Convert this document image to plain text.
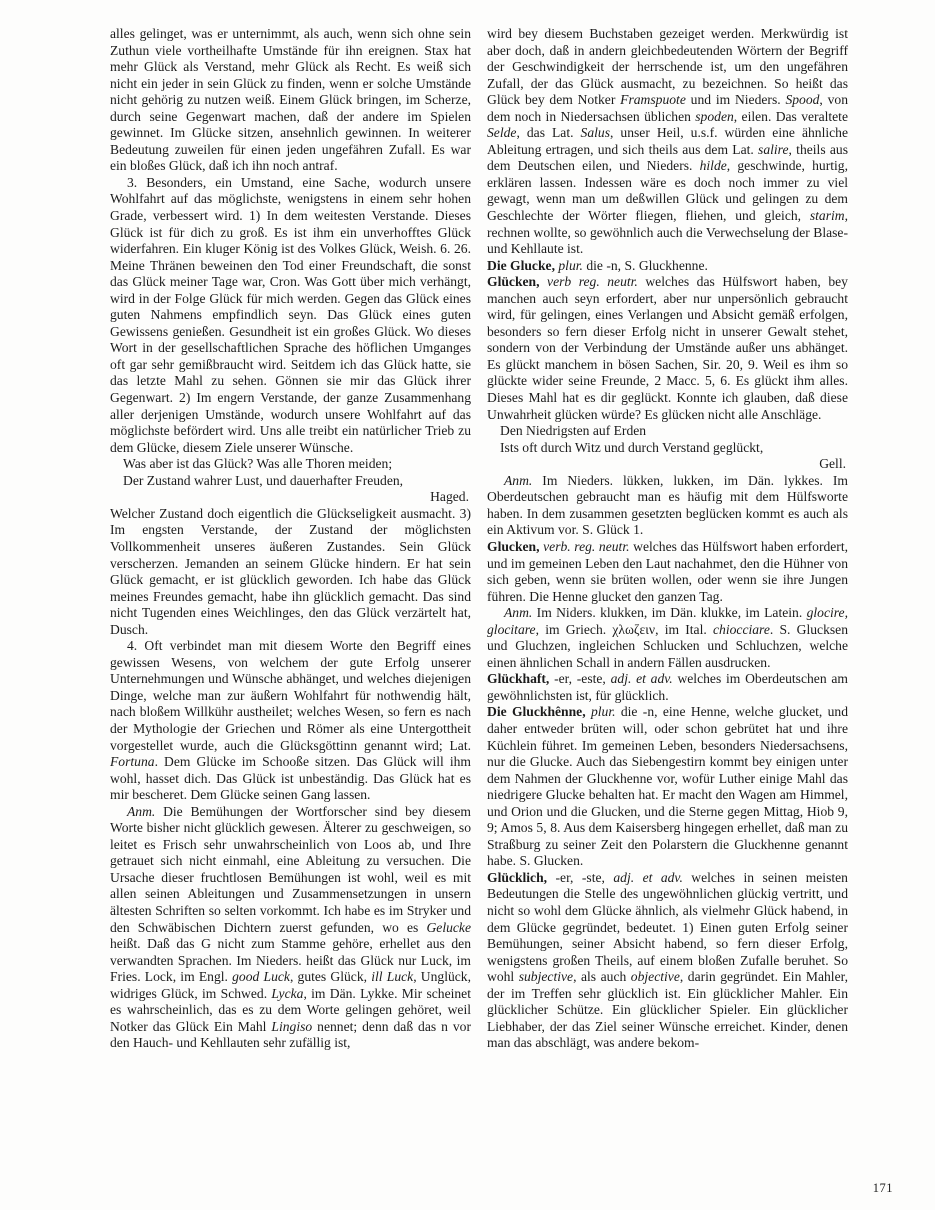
alles gelinget, was er unternimmt, als auch, wenn sich ohne sein Zuthun viele vortheilhafte Umstände für ihn ereignen. Stax hat mehr Glück als Verstand, mehr Glück als Recht. Es weiß sich nicht ein jeder in sein Glück zu finden, wenn er solche Umstände nicht gehörig zu nutzen weiß. Einem Glück bringen, im Scherze, durch seine Gegenwart machen, daß der andere im Spielen gewinnet. Im Glücke sitzen, ansehnlich gewinnen. In weiterer Bedeutung zuweilen für einen jeden ungefähren Zufall. Es war ein bloßes Glück, daß ich ihn noch antraf.

3. Besonders, ein Umstand, eine Sache, wodurch unsere Wohlfahrt auf das möglichste, wenigstens in einem sehr hohen Grade, verbessert wird. 1) In dem weitesten Verstande. Dieses Glück ist für dich zu groß. Es ist ihm ein unverhofftes Glück widerfahren. Ein kluger König ist des Volkes Glück, Weish. 6. 26. Meine Thränen beweinen den Tod einer Freundschaft, die sonst das Glück meiner Tage war, Cron. Was Gott über mich verhängt, wird in der Folge Glück für mich werden. Gegen das Glück eines guten Nahmens empfindlich seyn. Das Glück eines guten Gewissens genießen. Gesundheit ist ein großes Glück. Wo dieses Wort in der gesellschaftlichen Sprache des höflichen Umganges oft gar sehr gemißbraucht wird. Seitdem ich das Glück hatte, sie das letzte Mahl zu sehen. Gönnen sie mir das Glück ihrer Gegenwart. 2) Im engern Verstande, der ganze Zusammenhang aller derjenigen Umstände, wodurch unsere Wohlfahrt auf das möglichste befördert wird. Uns alle treibt ein natürlicher Trieb zu dem Glücke, diesem Ziele unserer Wünsche.

Was aber ist das Glück? Was alle Thoren meiden;

Der Zustand wahrer Lust, und dauerhafter Freuden,

Haged.

Welcher Zustand doch eigentlich die Glückseligkeit ausmacht. 3) Im engsten Verstande, der Zustand der möglichsten Vollkommenheit unseres äußeren Zustandes. Sein Glück verscherzen. Jemanden an seinem Glücke hindern. Er hat sein Glück gemacht, er ist glücklich geworden. Ich habe das Glück meines Freundes gemacht, habe ihn glücklich gemacht. Das sind nicht Tugenden eines Weichlinges, den das Glück verzärtelt hat, Dusch.

4. Oft verbindet man mit diesem Worte den Begriff eines gewissen Wesens, von welchem der gute Erfolg unserer Unternehmungen und Wünsche abhänget, und welches diejenigen Dinge, welche man zur äußern Wohlfahrt für nothwendig hält, nach bloßem Willkühr austheilet; welches Wesen, so fern es nach der Mythologie der Griechen und Römer als eine Untergottheit vorgestellet wurde, auch die Glücksgöttinn genannt wird; Lat. Fortuna. Dem Glücke im Schooße sitzen. Das Glück will ihm wohl, hasset dich. Das Glück ist unbeständig. Das Glück hat es mir bescheret. Dem Glücke seinen Gang lassen.

Anm. Die Bemühungen der Wortforscher sind bey diesem Worte bisher nicht glücklich gewesen. Älterer zu geschweigen, so leitet es Frisch sehr unwahrscheinlich von Loos ab, und Ihre getrauet sich nicht einmahl, eine Ableitung zu versuchen. Die Ursache dieser fruchtlosen Bemühungen ist wohl, weil es mit allen seinen Ableitungen und Zusammensetzungen in unsern ältesten Schriften so selten vorkommt. Ich habe es im Stryker und den Schwäbischen Dichtern zuerst gefunden, wo es Gelucke heißt. Daß das G nicht zum Stamme gehöre, erhellet aus den verwandten Sprachen. Im Nieders. heißt das Glück nur Luck, im Fries. Lock, im Engl. good Luck, gutes Glück, ill Luck, Unglück, widriges Glück, im Schwed. Lycka, im Dän. Lykke. Mir scheinet es wahrscheinlich, das es zu dem Worte gelingen gehöret, weil Notker das Glück Ein Mahl Lingiso nennet; denn daß das n vor den Hauch- und Kehllauten sehr zufällig ist,

wird bey diesem Buchstaben gezeiget werden. Merkwürdig ist aber doch, daß in andern gleichbedeutenden Wörtern der Begriff der Geschwindigkeit der herrschende ist, um den ungefähren Zufall, der das Glück ausmacht, zu bezeichnen. So heißt das Glück bey dem Notker Framspuote und im Nieders. Spood, von dem noch in Niedersachsen üblichen spoden, eilen. Das veraltete Selde, das Lat. Salus, unser Heil, u.s.f. würden eine ähnliche Ableitung ertragen, und sich theils aus dem Lat. salire, theils aus dem Deutschen eilen, und Nieders. hilde, geschwinde, hurtig, erklären lassen. Indessen wäre es doch noch immer zu viel gewagt, wenn man um deßwillen Glück und gelingen zu dem Geschlechte der Wörter fliegen, fliehen, und gleich, starim, rechnen wollte, so gewöhnlich auch die Verwechselung der Blase- und Kehllaute ist.

Die Glucke, plur. die -n, S. Gluckhenne.

Glücken, verb reg. neutr. welches das Hülfswort haben, bey manchen auch seyn erfordert, aber nur unpersönlich gebraucht wird, für gelingen, eines Verlangen und Absicht gemäß erfolgen, besonders so fern dieser Erfolg nicht in unserer Gewalt stehet, sondern von der Verbindung der Umstände außer uns abhänget. Es glückt manchem in bösen Sachen, Sir. 20, 9. Weil es ihm so glückte wider seine Freunde, 2 Macc. 5, 6. Es glückt ihm alles. Dieses Mahl hat es dir geglückt. Konnte ich glauben, daß diese Unwahrheit glücken würde? Es glücken nicht alle Anschläge.

Den Niedrigsten auf Erden

Ists oft durch Witz und durch Verstand geglückt,

Gell.

Anm. Im Nieders. lükken, lukken, im Dän. lykkes. Im Oberdeutschen gebraucht man es häufig mit dem Hülfsworte haben. In dem zusammen gesetzten beglücken kommt es auch als ein Aktivum vor. S. Glück 1.

Glucken, verb. reg. neutr. welches das Hülfswort haben erfordert, und im gemeinen Leben den Laut nachahmet, den die Hühner von sich geben, wenn sie brüten wollen, oder wenn sie ihre Jungen führen. Die Henne glucket den ganzen Tag.

Anm. Im Niders. klukken, im Dän. klukke, im Latein. glocire, glocitare, im Griech. χλωζειν, im Ital. chiocciare. S. Glucksen und Gluchzen, ingleichen Schlucken und Schluchzen, welche einen ähnlichen Schall in andern Fällen ausdrucken.

Glückhaft, -er, -este, adj. et adv. welches im Oberdeutschen am gewöhnlichsten ist, für glücklich.

Die Gluckhênne, plur. die -n, eine Henne, welche glucket, und daher entweder brüten will, oder schon gebrütet hat und ihre Küchlein führet. Im gemeinen Leben, besonders Niedersachsens, nur die Glucke. Auch das Siebengestirn kommt bey einigen unter dem Nahmen der Gluckhenne vor, wofür Luther einige Mahl das niedrigere Glucke behalten hat. Er macht den Wagen am Himmel, und Orion und die Glucken, und die Sterne gegen Mittag, Hiob 9, 9; Amos 5, 8. Aus dem Kaisersberg hingegen erhellet, daß man zu Straßburg zu seiner Zeit den Polarstern die Gluckhenne genannt habe. S. Glucken.

Glücklich, -er, -ste, adj. et adv. welches in seinen meisten Bedeutungen die Stelle des ungewöhnlichen glückig vertritt, und nicht so wohl dem Glücke ähnlich, als vielmehr Glück habend, in dem Glücke gegründet, bedeutet. 1) Einen guten Erfolg seiner Bemühungen, seiner Absicht habend, so fern dieser Erfolg, wenigstens großen Theils, auf einem bloßen Zufalle beruhet. So wohl subjective, als auch objective, darin gegründet. Ein Mahler, der im Treffen sehr glücklich ist. Ein glücklicher Mahler. Ein glücklicher Schütze. Ein glücklicher Spieler. Ein glücklicher Liebhaber, der das Ziel seiner Wünsche erreichet. Kinder, denen man das abschlägt, was andere bekom-

171
